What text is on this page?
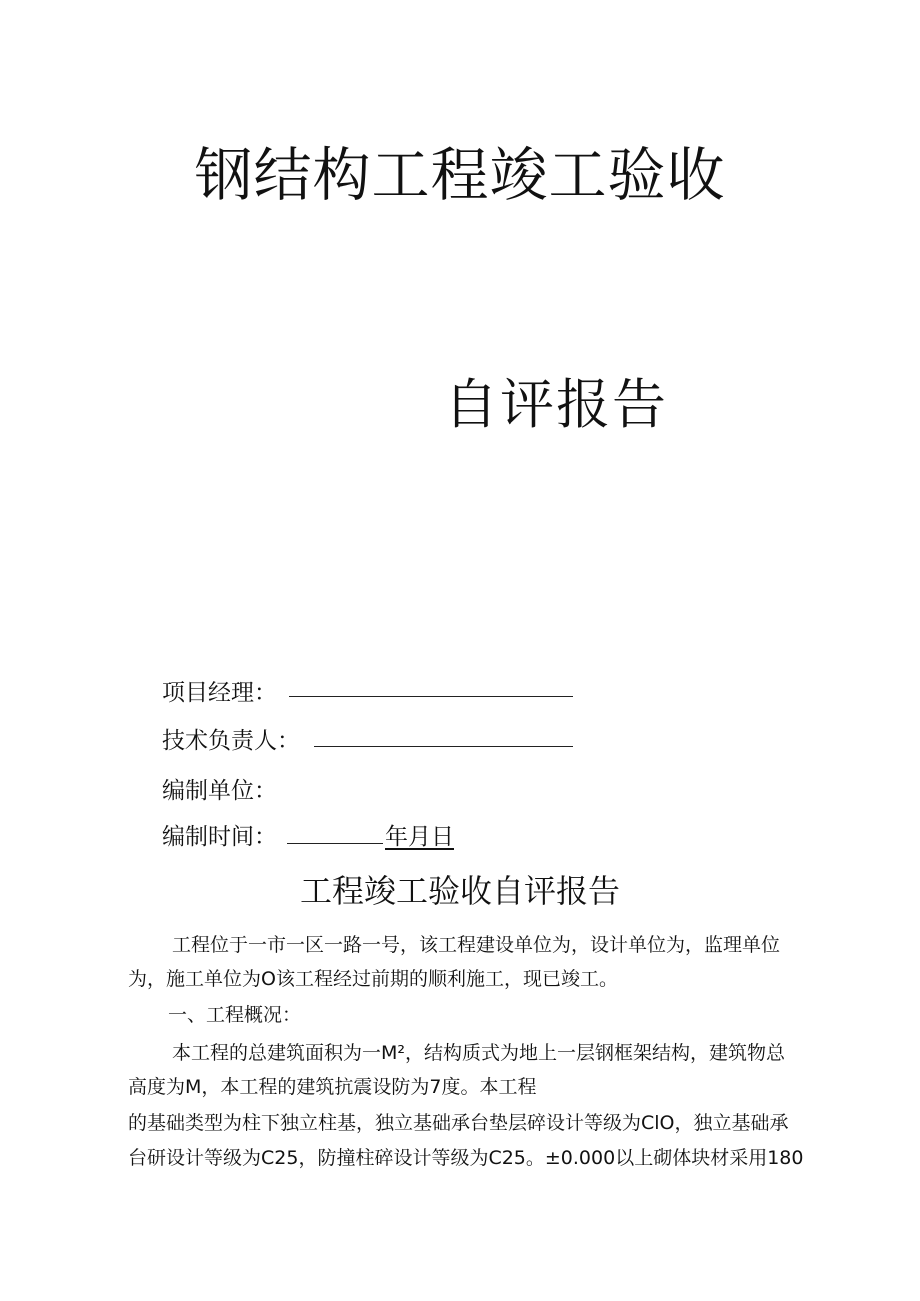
钢结构工程竣工验收
自评报告
项目经理：
技术负责人：
编制单位：
编制时间：	年月日
工程竣工验收自评报告
工程位于一市一区一路一号，该工程建设单位为，设计单位为，监理单位
为，施工单位为O该工程经过前期的顺利施工，现已竣工。
一、工程概况：
本工程的总建筑面积为一M²，结构质式为地上一层钢框架结构，建筑物总
高度为M，本工程的建筑抗震设防为7度。本工程
的基础类型为柱下独立柱基，独立基础承台垫层碎设计等级为ClO，独立基础承
台研设计等级为C25，防撞柱碎设计等级为C25。±0.000以上砌体块材采用180
